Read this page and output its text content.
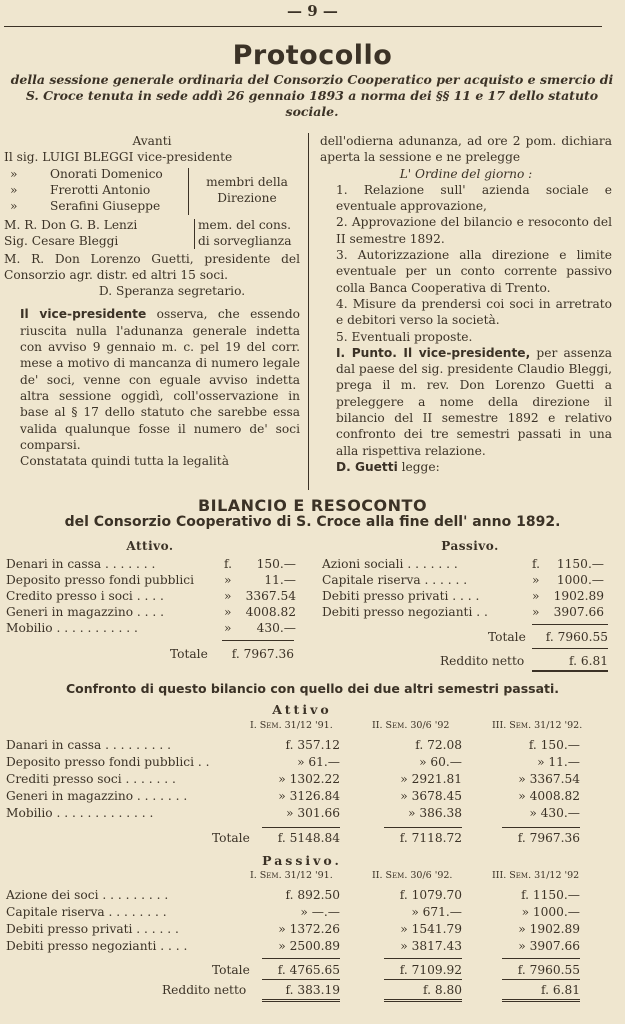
— 9 —
Protocollo
della sessione generale ordinaria del Consorzio Cooperatico per acquisto e smercio di S. Croce tenuta in sede addì 26 gennaio 1893 a norma dei §§ 11 e 17 dello statuto sociale.
Avanti
Il sig. LUIGI BLEGGI vice-presidente
»	Onorati Domenico
»	Frerotti Antonio
»	Serafini Giuseppe
membri della Direzione
M. R. Don G. B. Lenzi
Sig. Cesare Bleggi
mem. del cons. di sorveglianza
M. R. Don Lorenzo Guetti, presidente del Consorzio agr. distr. ed altri 15 soci.
D. Speranza segretario.
Il vice-presidente osserva, che essendo riuscita nulla l'adunanza generale indetta con avviso 9 gennaio m. c. pel 19 del corr. mese a motivo di mancanza di numero legale de' soci, venne con eguale avviso indetta altra sessione oggidì, coll'osservazione in base al § 17 dello statuto che sarebbe essa valida qualunque fosse il numero de' soci comparsi.
Constatata quindi tutta la legalità
dell'odierna adunanza, ad ore 2 pom. dichiara aperta la sessione e ne prelegge
L' Ordine del giorno :
1. Relazione sull' azienda sociale e eventuale approvazione,
2. Approvazione del bilancio e resoconto del II semestre 1892.
3. Autorizzazione alla direzione e limite eventuale per un conto corrente passivo colla Banca Cooperativa di Trento.
4. Misure da prendersi coi soci in arretrato e debitori verso la società.
5. Eventuali proposte.
I. Punto. Il vice-presidente, per assenza dal paese del sig. presidente Claudio Bleggi, prega il m. rev. Don Lorenzo Guetti a preleggere a nome della direzione il bilancio del II semestre 1892 e relativo confronto dei tre semestri passati in una alla rispettiva relazione.
D. Guetti legge:
BILANCIO E RESOCONTO
del Consorzio Cooperativo di S. Croce alla fine dell' anno 1892.
Attivo.	Passivo.
Denari in cassa . . . . . . .	f.	150.—
Deposito presso fondi pubblici »	11.—
Credito presso i soci . . . .	»	3367.54
Generi in magazzino . . . .	»	4008.82
Mobilio . . . . . . . . . . .	»	430.—
Totale	f. 7967.36
Azioni sociali . . . . . . .	f.	1150.—
Capitale riserva . . . . . .	»	1000.—
Debiti presso privati . . . .	»	1902.89
Debiti presso negozianti . .	»	3907.66
Totale	f. 7960.55
Reddito netto	f. 6.81
Confronto di questo bilancio con quello dei due altri semestri passati.
Attivo
I. Sem. 31/12 '91.	II. Sem. 30/6 '92	III. Sem. 31/12 '92.
Danari in cassa . . . . . . . . .	f. 357.12	f. 72.08	f. 150.—
Deposito presso fondi pubblici . .	» 61.—	» 60.—	» 11.—
Crediti presso soci . . . . . . .	» 1302.22	» 2921.81	» 3367.54
Generi in magazzino . . . . . . .	» 3126.84	» 3678.45	» 4008.82
Mobilio . . . . . . . . . . . . .	» 301.66	» 386.38	» 430.—
Totale	f. 5148.84	f. 7118.72	f. 7967.36
Passivo.
I. Sem. 31/12 '91.	II. Sem. 30/6 '92.	III. Sem. 31/12 '92
Azione dei soci . . . . . . . . .	f. 892.50	f. 1079.70	f. 1150.—
Capitale riserva . . . . . . . .	» —.—	» 671.—	» 1000.—
Debiti presso privati . . . . . .	» 1372.26	» 1541.79	» 1902.89
Debiti presso negozianti . . . .	» 2500.89	» 3817.43	» 3907.66
Totale	f. 4765.65	f. 7109.92	f. 7960.55
Reddito netto	f. 383.19	f. 8.80	f. 6.81
